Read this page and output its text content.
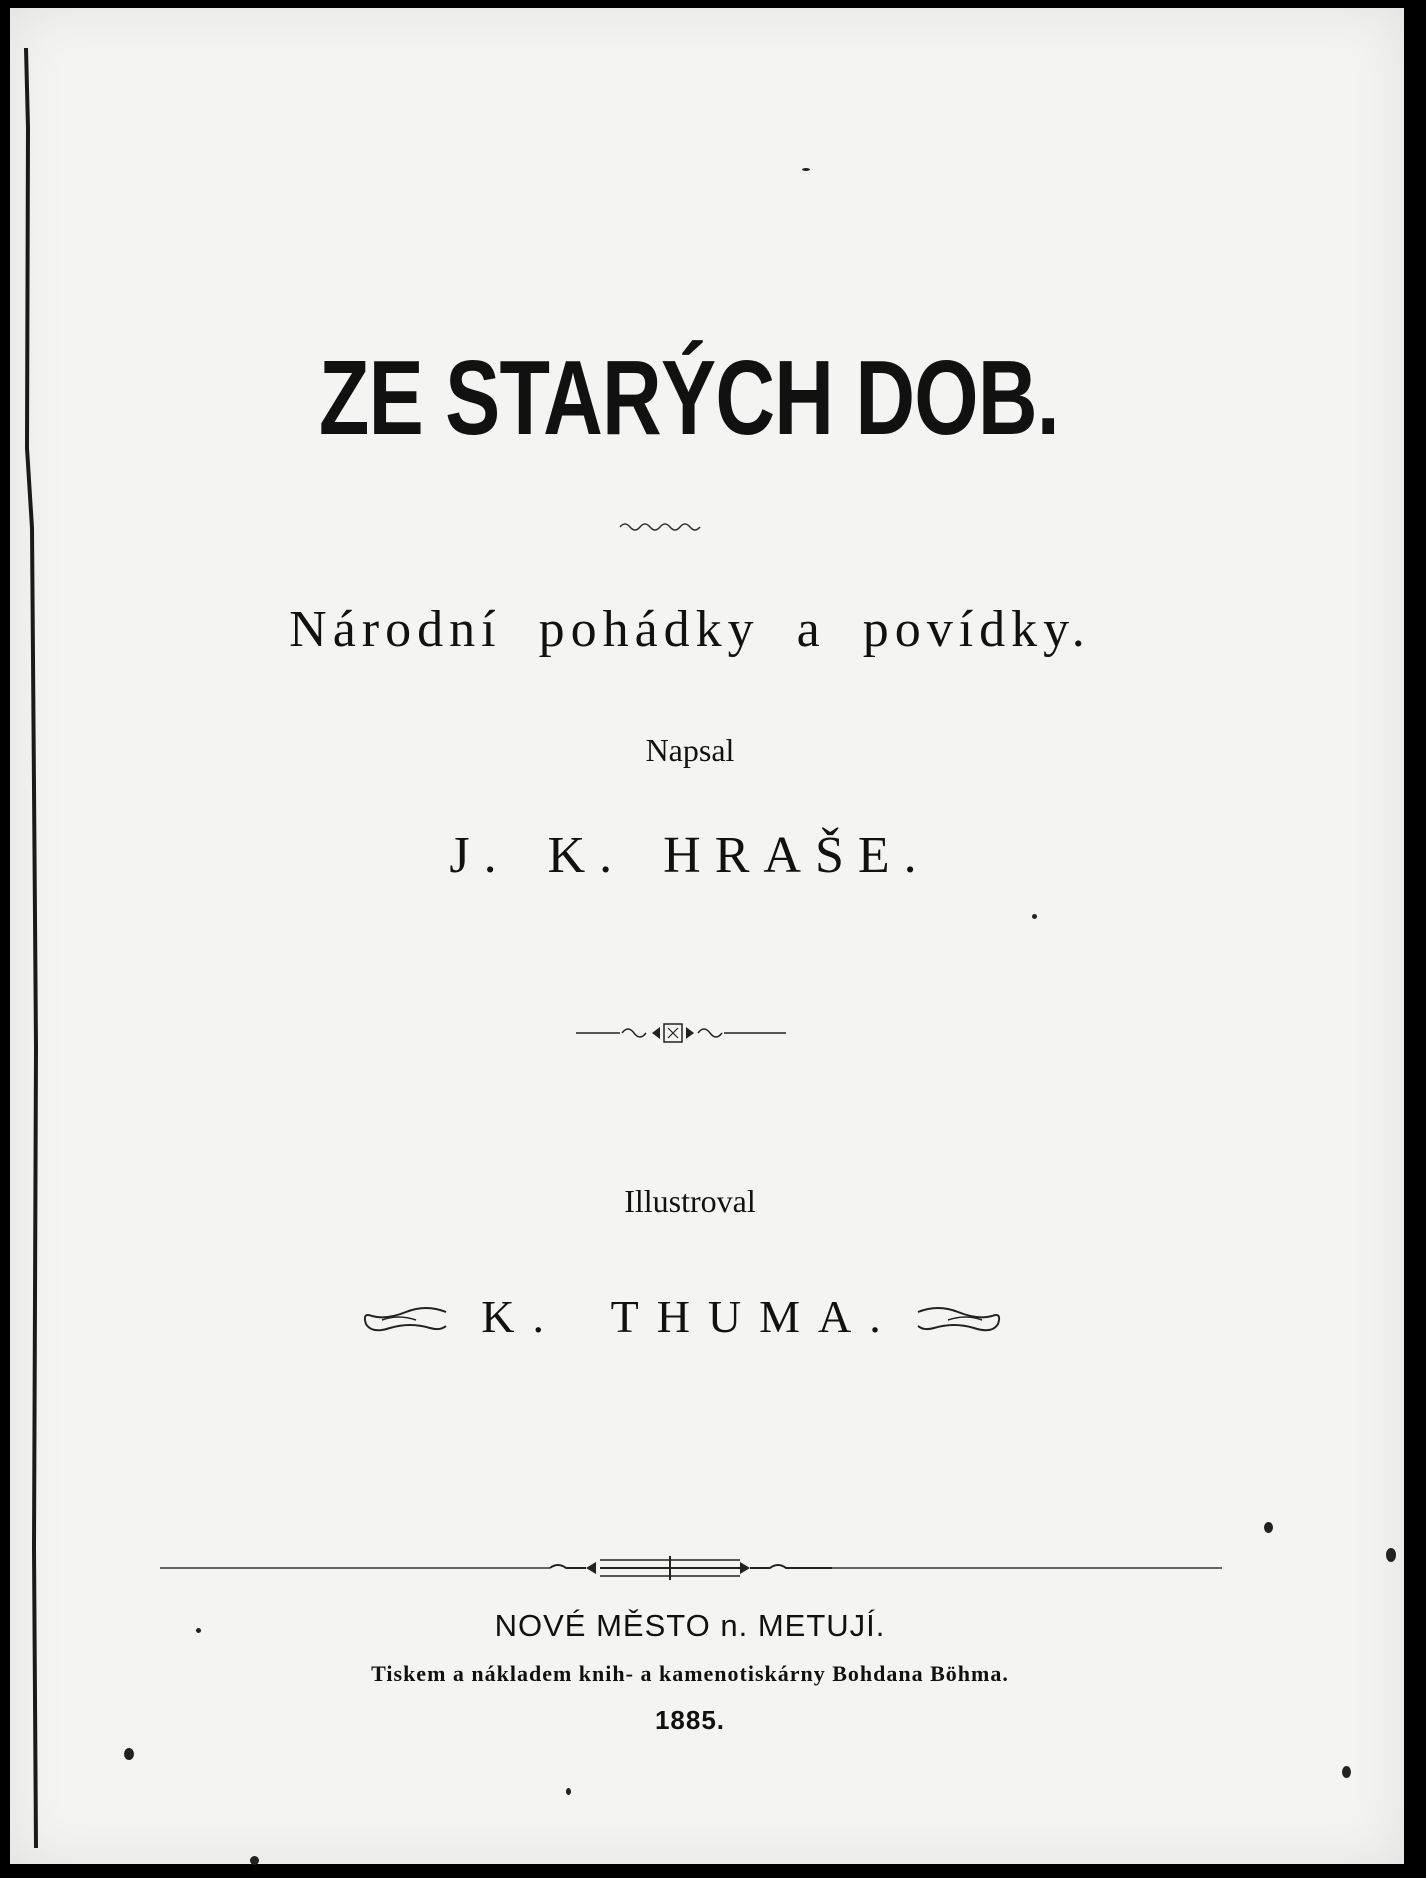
ZE STARÝCH DOB.
Národní pohádky a povídky.
Napsal
J. K. HRAŠE.
Illustroval
K. THUMA.
NOVÉ MĚSTO n. METUJÍ.
Tiskem a nákladem knih- a kamenotiskárny Bohdana Böhma.
1885.
